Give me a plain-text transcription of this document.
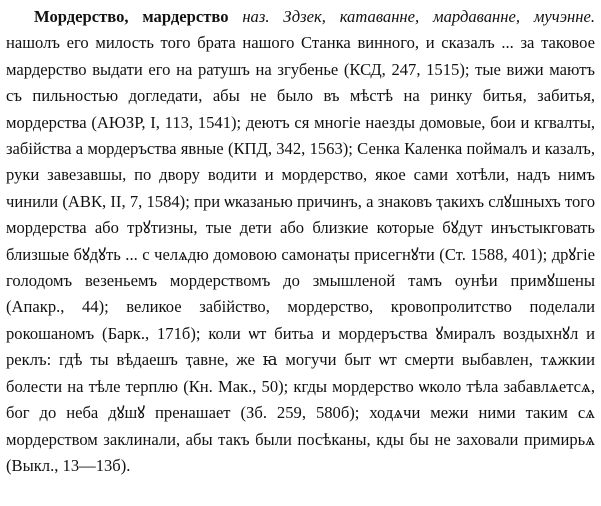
Мордерство, мардерство наз. Здзек, катаванне, мардаванне, мучэнне. нашолъ его милость того брата нашого Станка винного, и сказалъ ... за таковое мардерство выдати его на ратушъ на згубенье (КСД, 247, 1515); тые вижи маютъ съ пильностью догледати, абы не было въ мѣстѣ на ринку битья, забитья, мордерства (АЮЗР, I, 113, 1541); деютъ ся многіе наезды домовые, бои и кгвалты, забійства а мордеръства явные (КПД, 342, 1563); Сенка Каленка поймалъ и казалъ, руки завезавшы, по двору водити и мордерство, якое сами хотѣли, надъ нимъ чинили (АВК, II, 7, 1584); при ѡказанью причинъ, а знаковъ ҭакихъ слꙋшныхъ того мордерства або трꙋтизны, тые дети або близкие которые бꙋдут инъстыкговать близшые бꙋдꙋть ... с челѧдю домовою самонаҭы присегнꙋти (Ст. 1588, 401); дрꙋгіе голодомъ везеньемъ мордерствомъ до змышленой тамъ оунѣи примꙋшены (Апакр., 44); великое забійство, мордерство, кровопролитство поделали рокошаномъ (Барк., 171б); коли ѡт битьа и мордеръства ꙋмиралъ воздыхнꙋл и реклъ: гдѣ ты вѣдаешъ ҭавне, же ꙗ могучи быт ѡт смерти выбавлен, тѧжкии болести на тѣле терплю (Кн. Мак., 50); кгды мордерство ѡколо тѣла забавлѧетсѧ, бог до неба дꙋшꙋ пренашает (Зб. 259, 580б); ходѧчи межи ними таким сѧ мордерством заклинали, абы такъ были посѣканы, кды бы не заховали примирьѧ (Выкл., 13—13б).
